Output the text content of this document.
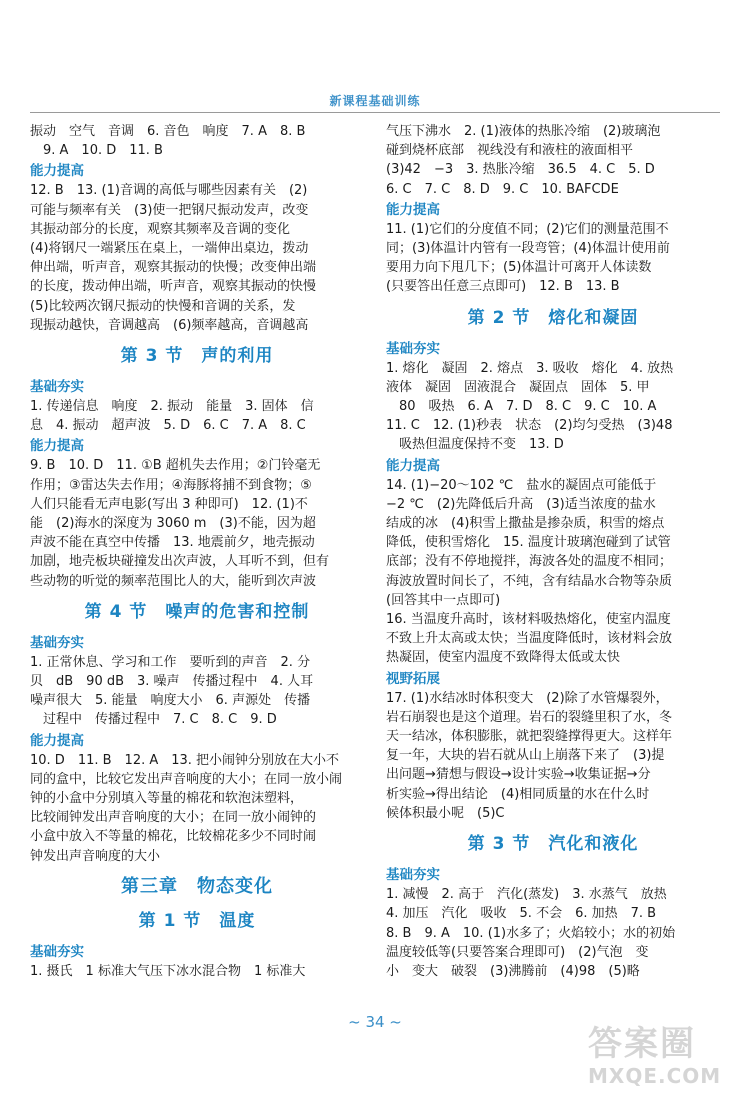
新课程基础训练
振动　空气　音调　6. 音色　响度　7. A　8. B
　9. A　10. D　11. B
能力提高
12. B　13. (1)音调的高低与哪些因素有关　(2)
可能与频率有关　(3)使一把钢尺振动发声，改变
其振动部分的长度，观察其频率及音调的变化
(4)将钢尺一端紧压在桌上，一端伸出桌边，拨动
伸出端，听声音，观察其振动的快慢；改变伸出端
的长度，拨动伸出端，听声音，观察其振动的快慢
(5)比较两次钢尺振动的快慢和音调的关系，发
现振动越快，音调越高　(6)频率越高，音调越高
第 3 节　声的利用
基础夯实
1. 传递信息　响度　2. 振动　能量　3. 固体　信
息　4. 振动　超声波　5. D　6. C　7. A　8. C
能力提高
9. B　10. D　11. ①B 超机失去作用；②门铃毫无
作用；③雷达失去作用；④海豚将捕不到食物；⑤
人们只能看无声电影(写出 3 种即可)　12. (1)不
能　(2)海水的深度为 3060 m　(3)不能，因为超
声波不能在真空中传播　13. 地震前夕，地壳振动
加剧，地壳板块碰撞发出次声波，人耳听不到，但有
些动物的听觉的频率范围比人的大，能听到次声波
第 4 节　噪声的危害和控制
基础夯实
1. 正常休息、学习和工作　要听到的声音　2. 分
贝　dB　90 dB　3. 噪声　传播过程中　4. 人耳
噪声很大　5. 能量　响度大小　6. 声源处　传播
　过程中　传播过程中　7. C　8. C　9. D
能力提高
10. D　11. B　12. A　13. 把小闹钟分别放在大小不
同的盒中，比较它发出声音响度的大小；在同一放小闹
钟的小盒中分别填入等量的棉花和软泡沫塑料，
比较闹钟发出声音响度的大小；在同一放小闹钟的
小盒中放入不等量的棉花，比较棉花多少不同时闹
钟发出声音响度的大小
第三章　物态变化
第 1 节　温度
基础夯实
1. 摄氏　1 标准大气压下冰水混合物　1 标准大
气压下沸水　2. (1)液体的热胀冷缩　(2)玻璃泡
碰到烧杯底部　视线没有和液柱的液面相平
(3)42　−3　3. 热胀冷缩　36.5　4. C　5. D
6. C　7. C　8. D　9. C　10. BAFCDE
能力提高
11. (1)它们的分度值不同；(2)它们的测量范围不
同；(3)体温计内管有一段弯管；(4)体温计使用前
要用力向下甩几下；(5)体温计可离开人体读数
(只要答出任意三点即可)　12. B　13. B
第 2 节　熔化和凝固
基础夯实
1. 熔化　凝固　2. 熔点　3. 吸收　熔化　4. 放热
液体　凝固　固液混合　凝固点　固体　5. 甲
　80　吸热　6. A　7. D　8. C　9. C　10. A
11. C　12. (1)秒表　状态　(2)均匀受热　(3)48
　吸热但温度保持不变　13. D
能力提高
14. (1)−20～102 ℃　盐水的凝固点可能低于
−2 ℃　(2)先降低后升高　(3)适当浓度的盐水
结成的冰　(4)积雪上撒盐是掺杂质，积雪的熔点
降低，使积雪熔化　15. 温度计玻璃泡碰到了试管
底部；没有不停地搅拌，海波各处的温度不相同；
海波放置时间长了，不纯，含有结晶水合物等杂质
(回答其中一点即可)
16. 当温度升高时，该材料吸热熔化，使室内温度
不致上升太高或太快；当温度降低时，该材料会放
热凝固，使室内温度不致降得太低或太快
视野拓展
17. (1)水结冰时体积变大　(2)除了水管爆裂外，
岩石崩裂也是这个道理。岩石的裂缝里积了水，冬
天一结冰，体积膨胀，就把裂缝撑得更大。这样年
复一年，大块的岩石就从山上崩落下来了　(3)提
出问题→猜想与假设→设计实验→收集证据→分
析实验→得出结论　(4)相同质量的水在什么时
候体积最小呢　(5)C
第 3 节　汽化和液化
基础夯实
1. 减慢　2. 高于　汽化(蒸发)　3. 水蒸气　放热
4. 加压　汽化　吸收　5. 不会　6. 加热　7. B
8. B　9. A　10. (1)水多了；火焰较小；水的初始
温度较低等(只要答案合理即可)　(2)气泡　变
小　变大　破裂　(3)沸腾前　(4)98　(5)略
~ 34 ~
答案圈
MXQE.COM
